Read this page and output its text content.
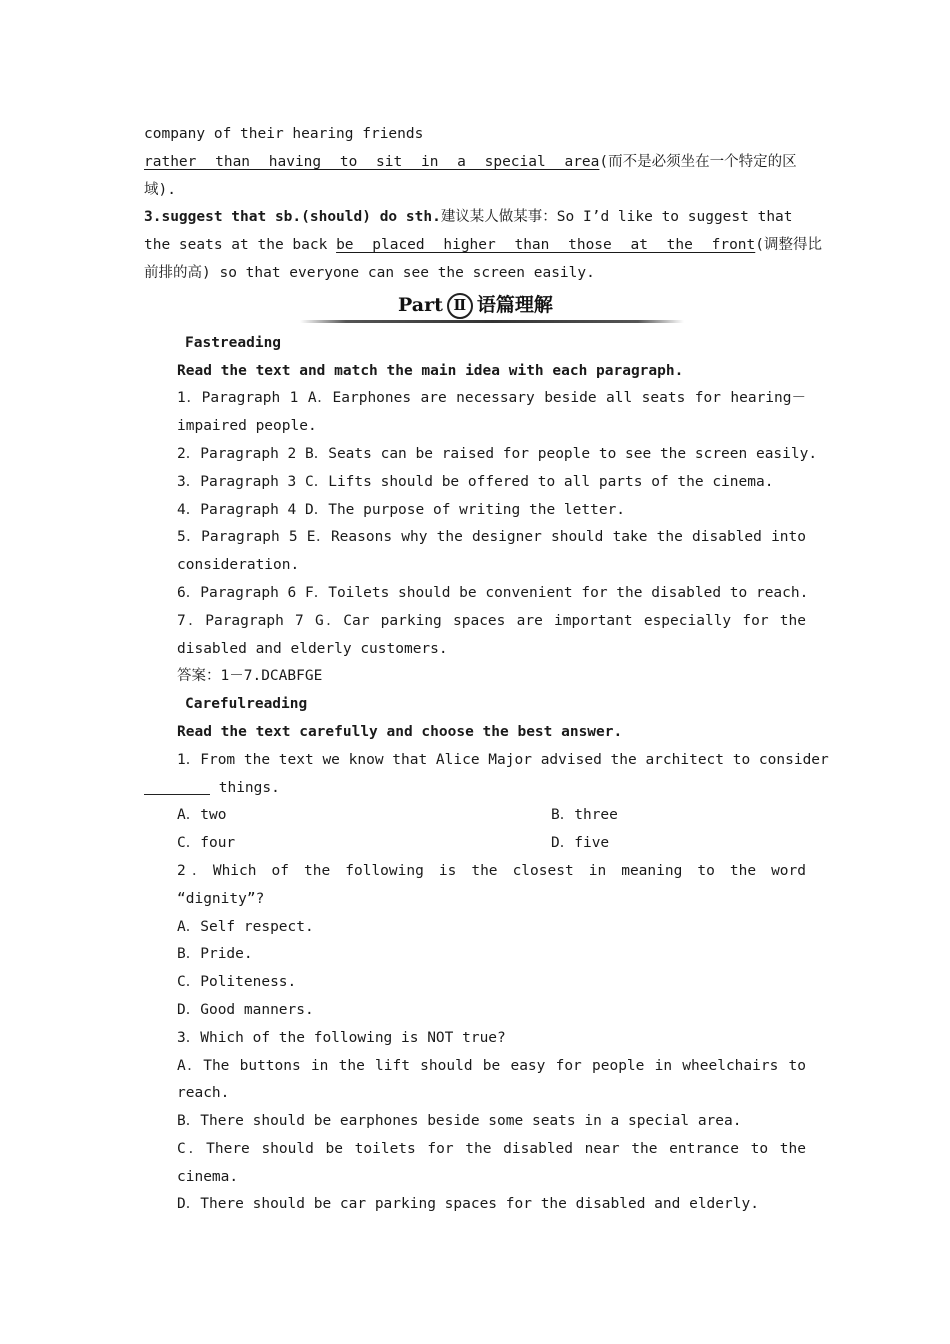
company of their hearing friends

rather than having to sit in a special area(而不是必须坐在一个特定的区

域).

3.suggest that sb.(should) do sth.建议某人做某事：So I’d like to suggest that

the seats at the back be placed higher than those at the front(调整得比

前排的高) so that everyone can see the screen easily.

Part Ⅱ 语篇理解

Fastreading

Read the text and match the main idea with each paragraph.

1．Paragraph 1 A．Earphones are necessary beside all seats for hearing－impaired people.

2．Paragraph 2 B．Seats can be raised for people to see the screen easily.

3．Paragraph 3 C．Lifts should be offered to all parts of the cinema.

4．Paragraph 4 D．The purpose of writing the letter.

5．Paragraph 5 E．Reasons why the designer should take the disabled into consideration.

6．Paragraph 6 F．Toilets should be convenient for the disabled to reach.

7．Paragraph 7 G．Car parking spaces are important especially for the disabled and elderly customers.

答案：1－7.DCABFGE

Carefulreading

Read the text carefully and choose the best answer.

1．From the text we know that Alice Major advised the architect to consider

things.

A．two	B．three
C．four	D．five

2．Which of the following is the closest in meaning to the word “dignity”?

A．Self respect.

B．Pride.

C．Politeness.

D．Good manners.

3．Which of the following is NOT true?

A．The buttons in the lift should be easy for people in wheelchairs to reach.

B．There should be earphones beside some seats in a special area.

C．There should be toilets for the disabled near the entrance to the cinema.

D．There should be car parking spaces for the disabled and elderly.
